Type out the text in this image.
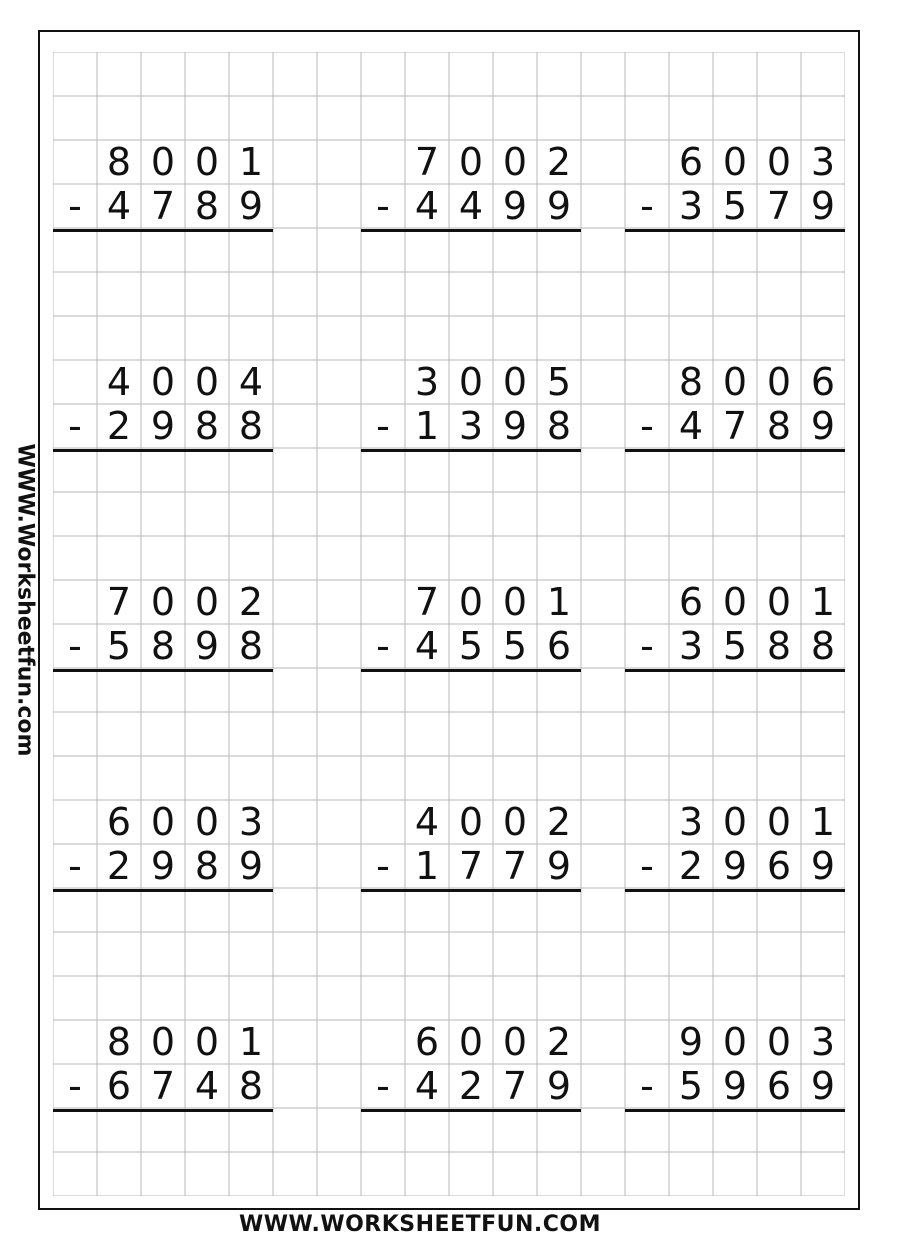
WWW.Worksheetfun.com
8 0 0 1
- 4 7 8 9
7 0 0 2
- 4 4 9 9
6 0 0 3
- 3 5 7 9
4 0 0 4
- 2 9 8 8
3 0 0 5
- 1 3 9 8
8 0 0 6
- 4 7 8 9
7 0 0 2
- 5 8 9 8
7 0 0 1
- 4 5 5 6
6 0 0 1
- 3 5 8 8
6 0 0 3
- 2 9 8 9
4 0 0 2
- 1 7 7 9
3 0 0 1
- 2 9 6 9
8 0 0 1
- 6 7 4 8
6 0 0 2
- 4 2 7 9
9 0 0 3
- 5 9 6 9
WWW.WORKSHEETFUN.COM
